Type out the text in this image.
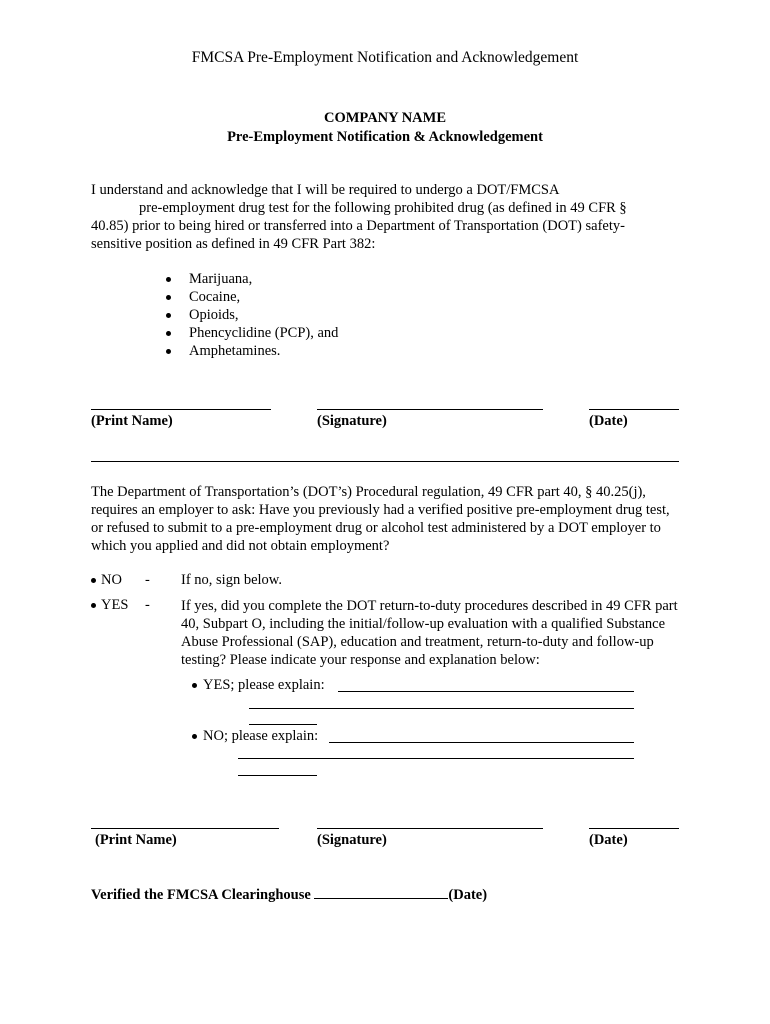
FMCSA Pre-Employment Notification and Acknowledgement
COMPANY NAME
Pre-Employment Notification & Acknowledgement
I understand and acknowledge that I will be required to undergo a DOT/FMCSA
pre-employment drug test for the following prohibited drug (as defined in 49 CFR §
40.85) prior to being hired or transferred into a Department of Transportation (DOT) safety-
sensitive position as defined in 49 CFR Part 382:
Marijuana,
Cocaine,
Opioids,
Phencyclidine (PCP), and
Amphetamines.
(Print Name)	(Signature)	(Date)
The Department of Transportation’s (DOT’s) Procedural regulation, 49 CFR part 40, § 40.25(j), requires an employer to ask: Have you previously had a verified positive pre-employment drug test, or refused to submit to a pre-employment drug or alcohol test administered by a DOT employer to which you applied and did not obtain employment?
NO - If no, sign below.
YES - If yes, did you complete the DOT return-to-duty procedures described in 49 CFR part 40, Subpart O, including the initial/follow-up evaluation with a qualified Substance Abuse Professional (SAP), education and treatment, return-to-duty and follow-up testing? Please indicate your response and explanation below:
YES; please explain:
NO; please explain:
(Print Name)	(Signature)	(Date)
Verified the FMCSA Clearinghouse	(Date)
